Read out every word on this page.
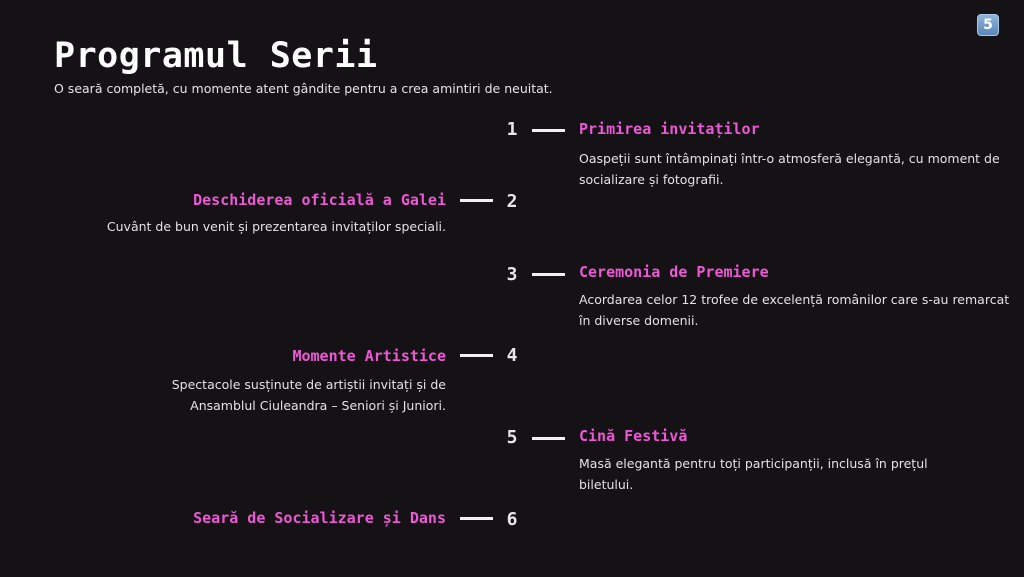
Programul Serii
O seară completă, cu momente atent gândite pentru a crea amintiri de neuitat.
5
1	Primirea invitaților
Oaspeții sunt întâmpinați într-o atmosferă elegantă, cu moment de socializare și fotografii.
2
Deschiderea oficială a Galei
Cuvânt de bun venit și prezentarea invitaților speciali.
3	Ceremonia de Premiere
Acordarea celor 12 trofee de excelență românilor care s-au remarcat în diverse domenii.
4
Momente Artistice
Spectacole susținute de artiștii invitați și de Ansamblul Ciuleandra – Seniori și Juniori.
5	Cină Festivă
Masă elegantă pentru toți participanții, inclusă în prețul biletului.
6
Seară de Socializare și Dans
